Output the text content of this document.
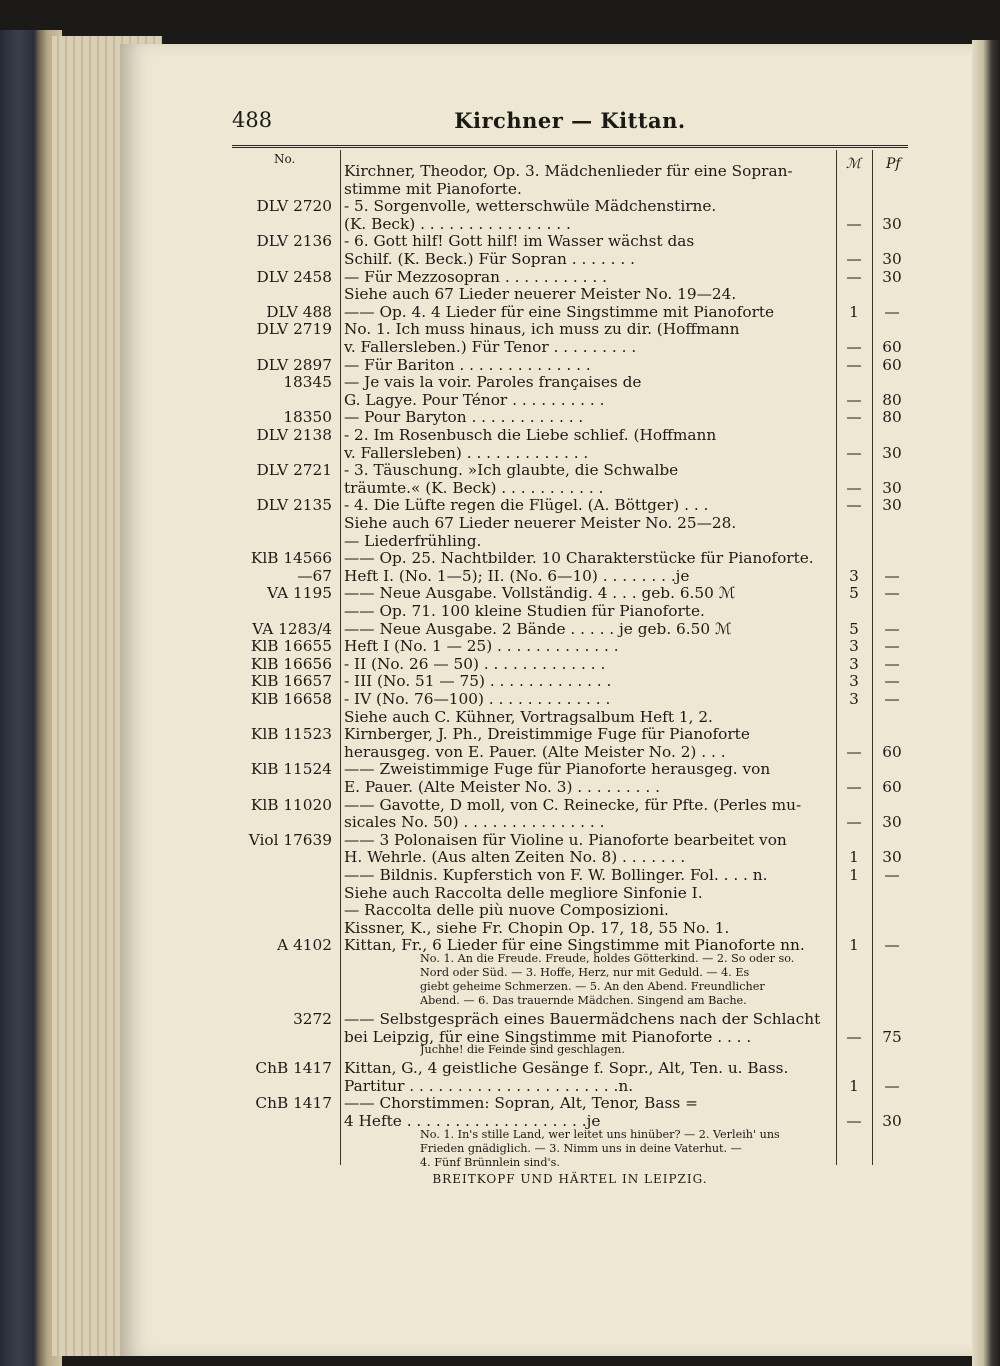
488	Kirchner — Kittan.
No.	ℳ Pf
Kirchner, Theodor, Op. 3. Mädchenlieder für eine Sopran-
stimme mit Pianoforte.
DLV 2720 - 5. Sorgenvolle, wetterschwüle Mädchenstirne.
(K. Beck) . . . . . . . . . . . . . . . .	—	30
DLV 2136 - 6. Gott hilf! Gott hilf! im Wasser wächst das
Schilf. (K. Beck.) Für Sopran . . . . . . .	—	30
DLV 2458 — Für Mezzosopran . . . . . . . . . . .	—	30
Siehe auch 67 Lieder neuerer Meister No. 19—24.
DLV 488 —— Op. 4. 4 Lieder für eine Singstimme mit Pianoforte	1	—
DLV 2719 No. 1. Ich muss hinaus, ich muss zu dir. (Hoffmann
v. Fallersleben.) Für Tenor . . . . . . . . .	—	60
DLV 2897 — Für Bariton . . . . . . . . . . . . . .	—	60
18345 — Je vais la voir. Paroles françaises de
G. Lagye. Pour Ténor . . . . . . . . . .	—	80
18350 — Pour Baryton . . . . . . . . . . . .	—	80
DLV 2138 - 2. Im Rosenbusch die Liebe schlief. (Hoffmann
v. Fallersleben) . . . . . . . . . . . . .	—	30
DLV 2721 - 3. Täuschung. »Ich glaubte, die Schwalbe
träumte.« (K. Beck) . . . . . . . . . . .	—	30
DLV 2135 - 4. Die Lüfte regen die Flügel. (A. Böttger) . . .	—	30
Siehe auch 67 Lieder neuerer Meister No. 25—28.
— Liederfrühling.
KlB 14566 —— Op. 25. Nachtbilder. 10 Charakterstücke für Pianoforte.
—67 Heft I. (No. 1—5); II. (No. 6—10) . . . . . . . .je	3	—
VA 1195 —— Neue Ausgabe. Vollständig. 4 . . . geb. 6.50 ℳ	5	—
—— Op. 71. 100 kleine Studien für Pianoforte.
VA 1283/4 —— Neue Ausgabe. 2 Bände . . . . . je geb. 6.50 ℳ	5	—
KlB 16655 Heft I (No. 1 — 25) . . . . . . . . . . . . .	3	—
KlB 16656 - II (No. 26 — 50) . . . . . . . . . . . . .	3	—
KlB 16657 - III (No. 51 — 75) . . . . . . . . . . . . .	3	—
KlB 16658 - IV (No. 76—100) . . . . . . . . . . . . .	3	—
Siehe auch C. Kühner, Vortragsalbum Heft 1, 2.
KlB 11523 Kirnberger, J. Ph., Dreistimmige Fuge für Pianoforte
herausgeg. von E. Pauer. (Alte Meister No. 2) . . .	—	60
KlB 11524 —— Zweistimmige Fuge für Pianoforte herausgeg. von
E. Pauer. (Alte Meister No. 3) . . . . . . . . .	—	60
KlB 11020 —— Gavotte, D moll, von C. Reinecke, für Pfte. (Perles mu-
sicales No. 50) . . . . . . . . . . . . . . .	—	30
Viol 17639 —— 3 Polonaisen für Violine u. Pianoforte bearbeitet von
H. Wehrle. (Aus alten Zeiten No. 8) . . . . . . .	1	30
—— Bildnis. Kupferstich von F. W. Bollinger. Fol. . . . n.	1	—
Siehe auch Raccolta delle megliore Sinfonie I.
— Raccolta delle più nuove Composizioni.
Kissner, K., siehe Fr. Chopin Op. 17, 18, 55 No. 1.
A 4102 Kittan, Fr., 6 Lieder für eine Singstimme mit Pianoforte nn.	1	—
No. 1. An die Freude. Freude, holdes Götterkind. — 2. So oder so.
Nord oder Süd. — 3. Hoffe, Herz, nur mit Geduld. — 4. Es
giebt geheime Schmerzen. — 5. An den Abend. Freundlicher
Abend. — 6. Das trauernde Mädchen. Singend am Bache.
3272 —— Selbstgespräch eines Bauermädchens nach der Schlacht
bei Leipzig, für eine Singstimme mit Pianoforte . . . .	—	75
Juchhe! die Feinde sind geschlagen.
ChB 1417 Kittan, G., 4 geistliche Gesänge f. Sopr., Alt, Ten. u. Bass.
Partitur . . . . . . . . . . . . . . . . . . . . . .n.	1	—
ChB 1417 —— Chorstimmen: Sopran, Alt, Tenor, Bass =
4 Hefte . . . . . . . . . . . . . . . . . . .je	—	30
No. 1. In's stille Land, wer leitet uns hinüber? — 2. Verleih' uns
Frieden gnädiglich. — 3. Nimm uns in deine Vaterhut. —
4. Fünf Brünnlein sind's.
BREITKOPF UND HÄRTEL IN LEIPZIG.
